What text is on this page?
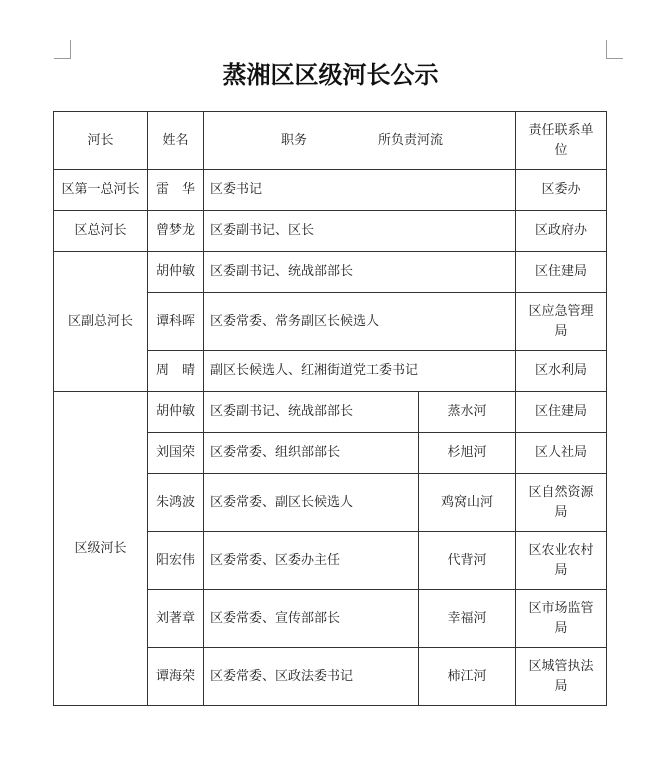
蒸湘区区级河长公示
河长	姓名	职务 所负责河流		责任联系单位
区第一总河长	雷　华	区委书记		区委办
区总河长	曾梦龙	区委副书记、区长		区政府办
区副总河长	胡仲敏	区委副书记、统战部部长		区住建局
	谭科晖	区委常委、常务副区长候选人		区应急管理局
	周　晴	副区长候选人、红湘街道党工委书记		区水利局
区级河长	胡仲敏	区委副书记、统战部部长	蒸水河	区住建局
	刘国荣	区委常委、组织部部长	杉旭河	区人社局
	朱鸿波	区委常委、副区长候选人	鸡窝山河	区自然资源局
	阳宏伟	区委常委、区委办主任	代背河	区农业农村局
	刘著章	区委常委、宣传部部长	幸福河	区市场监管局
	谭海荣	区委常委、区政法委书记	柿江河	区城管执法局
